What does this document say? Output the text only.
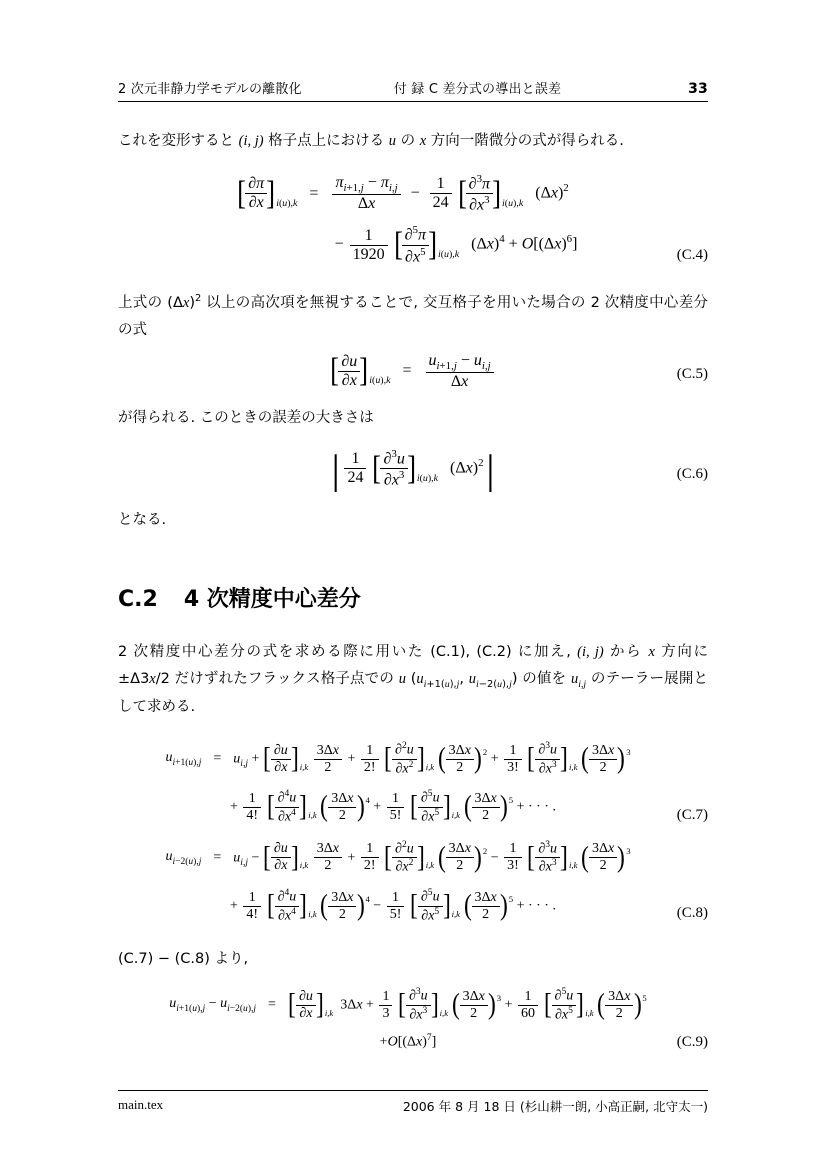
2 次元非静力学モデルの離散化	付 録 C 差分式の導出と誤差	33

これを変形すると (i, j) 格子点上における u の x 方向一階微分の式が得られる.

[ $\frac{\partial\pi}{\partial x}$
] i(u),k
= $\frac{\pi_{i+1,j} - \pi_{i,j}}{\Delta x} - \frac{1}{24}$
[ $\frac{\partial^3\pi}{\partial x^3}$
] i(u),k   $(\Delta x)^2$
− $\frac{1}{1920}$
[ $\frac{\partial^5\pi}{\partial x^5}$
] i(u),k   $(\Delta x)^4 + O[(\Delta x)^6]$
(C.4)

上式の $(\Delta x)^2$ 以上の高次項を無視することで, 交互格子を用いた場合の 2 次精度中心差分の式

[ $\frac{\partial u}{\partial x}$
] i(u),k
= $\frac{u_{i+1,j} - u_{i,j}}{\Delta x}$	(C.5)

が得られる. このときの誤差の大きさは

| $\frac{1}{24}$
[ $\frac{\partial^3u}{\partial x^3}$
] i(u),k   $(\Delta x)^2$ |
(C.6)

となる.

C.2 4 次精度中心差分

2 次精度中心差分の式を求める際に用いた (C.1), (C.2) に加え, (i, j) から x 方向に ±Δ3x/2 だけずれたフラックス格子点での u ($u_{i+1(u),j}$, $u_{i-2(u),j}$) の値を $u_{i,j}$ のテーラー展開として求める.

$u_{i+1(u),j} = u_{i,j}$ + [ $\frac{\partial u}{\partial x}$
] $i,k \frac{3\Delta x}{2} + \frac{1}{2!}$
[ $\frac{\partial^2u}{\partial x^2}$
] i,k ( $\frac{3\Delta x}{2}$
) $2 + \frac{1}{3!}$
[ $\frac{\partial^3u}{\partial x^3}$
] i,k ( $\frac{3\Delta x}{2}$
) 3
+ $\frac{1}{4!}$
[ $\frac{\partial^4u}{\partial x^4}$
] i,k ( $\frac{3\Delta x}{2}$
) $4 + \frac{1}{5!}$
[ $\frac{\partial^5u}{\partial x^5}$
] i,k ( $\frac{3\Delta x}{2}$
) 5 + · · · .	(C.7)
$u_{i-2(u),j} = u_{i,j}$ − [ $\frac{\partial u}{\partial x}$
] $i,k \frac{3\Delta x}{2} + \frac{1}{2!}$
[ $\frac{\partial^2u}{\partial x^2}$
] i,k ( $\frac{3\Delta x}{2}$
) $2 - \frac{1}{3!}$
[ $\frac{\partial^3u}{\partial x^3}$
] i,k ( $\frac{3\Delta x}{2}$
) 3
+ $\frac{1}{4!}$
[ $\frac{\partial^4u}{\partial x^4}$
] i,k ( $\frac{3\Delta x}{2}$
) $4 - \frac{1}{5!}$
[ $\frac{\partial^5u}{\partial x^5}$
] i,k ( $\frac{3\Delta x}{2}$
) 5 + · · · .	(C.8)

(C.7) − (C.8) より,

$u_{i+1(u),j} - u_{i-2(u),j}$ =	[ $\frac{\partial u}{\partial x}$
] i,k  $3\Delta x + \frac{1}{3}$
[ $\frac{\partial^3u}{\partial x^3}$
] i,k ( $\frac{3\Delta x}{2}$
) $3 + \frac{1}{60}$
[ $\frac{\partial^5u}{\partial x^5}$
] i,k ( $\frac{3\Delta x}{2}$
) 5
$+O[(\Delta x)^7]$	(C.9)
main.tex	2006 年 8 月 18 日 (杉山耕一朗, 小高正嗣, 北守太一)
